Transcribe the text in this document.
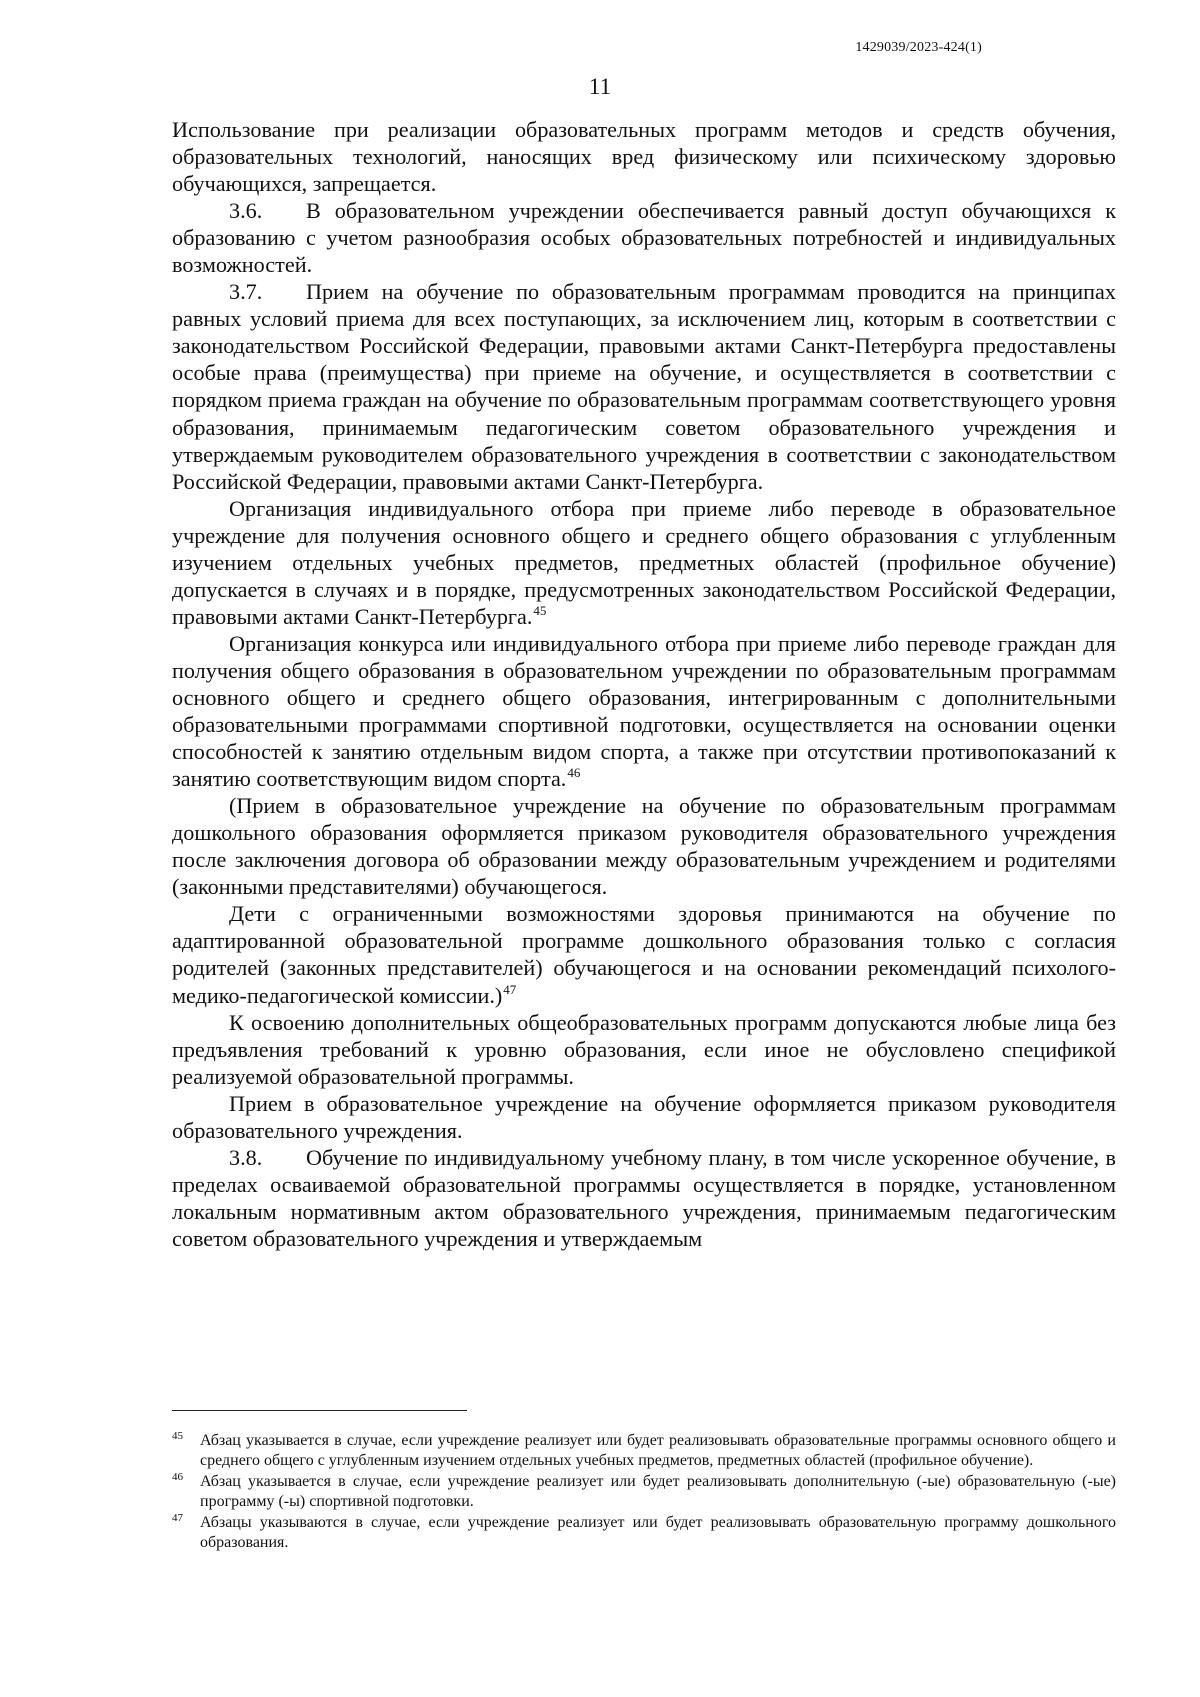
1429039/2023-424(1)
11

Использование при реализации образовательных программ методов и средств обучения, образовательных технологий, наносящих вред физическому или психическому здоровью обучающихся, запрещается.

3.6. В образовательном учреждении обеспечивается равный доступ обучающихся к образованию с учетом разнообразия особых образовательных потребностей и индивидуальных возможностей.

3.7. Прием на обучение по образовательным программам проводится на принципах равных условий приема для всех поступающих, за исключением лиц, которым в соответствии с законодательством Российской Федерации, правовыми актами Санкт-Петербурга предоставлены особые права (преимущества) при приеме на обучение, и осуществляется в соответствии с порядком приема граждан на обучение по образовательным программам соответствующего уровня образования, принимаемым педагогическим советом образовательного учреждения и утверждаемым руководителем образовательного учреждения в соответствии с законодательством Российской Федерации, правовыми актами Санкт-Петербурга.

Организация индивидуального отбора при приеме либо переводе в образовательное учреждение для получения основного общего и среднего общего образования с углубленным изучением отдельных учебных предметов, предметных областей (профильное обучение) допускается в случаях и в порядке, предусмотренных законодательством Российской Федерации, правовыми актами Санкт-Петербурга.$^{45}$

Организация конкурса или индивидуального отбора при приеме либо переводе граждан для получения общего образования в образовательном учреждении по образовательным программам основного общего и среднего общего образования, интегрированным с дополнительными образовательными программами спортивной подготовки, осуществляется на основании оценки способностей к занятию отдельным видом спорта, а также при отсутствии противопоказаний к занятию соответствующим видом спорта.$^{46}$

(Прием в образовательное учреждение на обучение по образовательным программам дошкольного образования оформляется приказом руководителя образовательного учреждения после заключения договора об образовании между образовательным учреждением и родителями (законными представителями) обучающегося.

Дети с ограниченными возможностями здоровья принимаются на обучение по адаптированной образовательной программе дошкольного образования только с согласия родителей (законных представителей) обучающегося и на основании рекомендаций психолого-медико-педагогической комиссии.)$^{47}$

К освоению дополнительных общеобразовательных программ допускаются любые лица без предъявления требований к уровню образования, если иное не обусловлено спецификой реализуемой образовательной программы.

Прием в образовательное учреждение на обучение оформляется приказом руководителя образовательного учреждения.

3.8. Обучение по индивидуальному учебному плану, в том числе ускоренное обучение, в пределах осваиваемой образовательной программы осуществляется в порядке, установленном локальным нормативным актом образовательного учреждения, принимаемым педагогическим советом образовательного учреждения и утверждаемым

45 Абзац указывается в случае, если учреждение реализует или будет реализовывать образовательные программы основного общего и среднего общего с углубленным изучением отдельных учебных предметов, предметных областей (профильное обучение).
46 Абзац указывается в случае, если учреждение реализует или будет реализовывать дополнительную (-ые) образовательную (-ые) программу (-ы) спортивной подготовки.
47 Абзацы указываются в случае, если учреждение реализует или будет реализовывать образовательную программу дошкольного образования.
